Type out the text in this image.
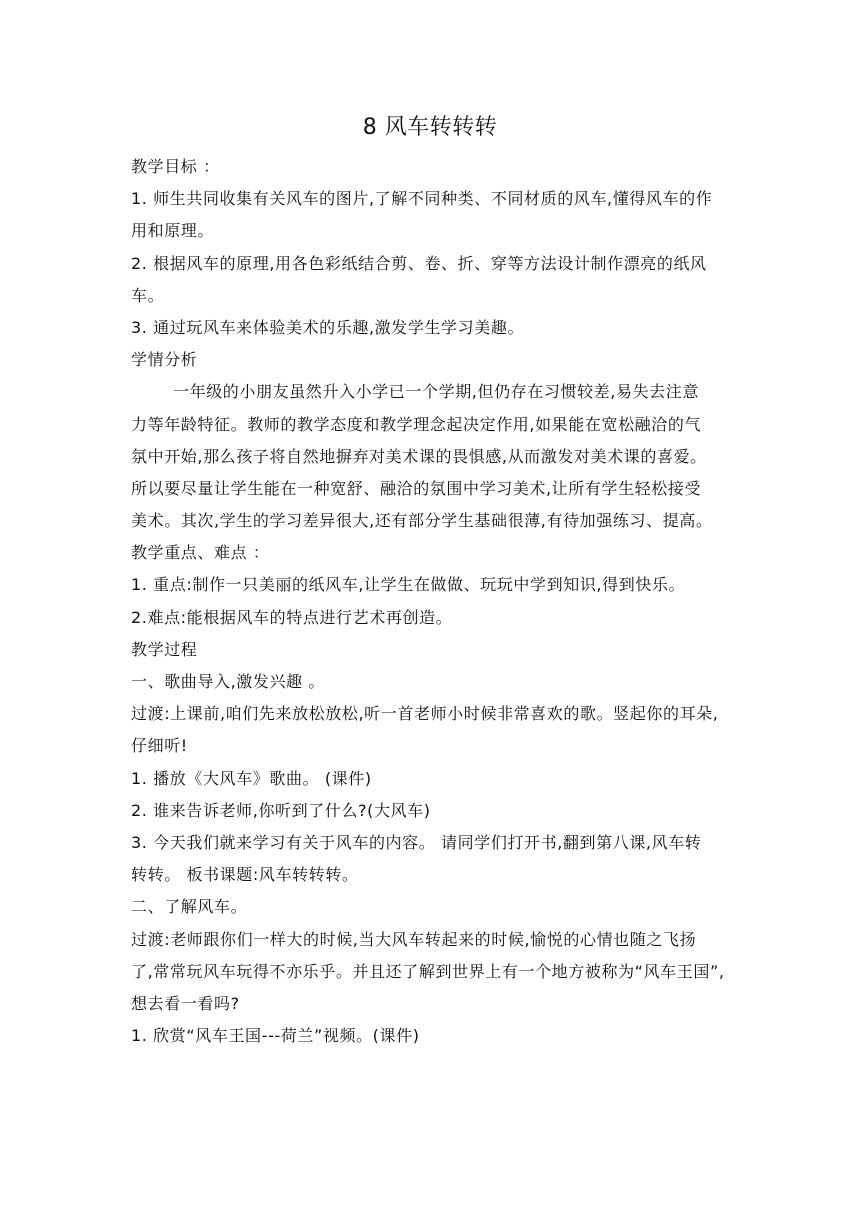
8 风车转转转
教学目标 ：
1. 师生共同收集有关风车的图片,了解不同种类、不同材质的风车,懂得风车的作
用和原理。
2. 根据风车的原理,用各色彩纸结合剪、卷、折、穿等方法设计制作漂亮的纸风
车。
3. 通过玩风车来体验美术的乐趣,激发学生学习美趣。
学情分析
一年级的小朋友虽然升入小学已一个学期,但仍存在习惯较差,易失去注意
力等年龄特征。教师的教学态度和教学理念起决定作用,如果能在宽松融洽的气
氛中开始,那么孩子将自然地摒弃对美术课的畏惧感,从而激发对美术课的喜爱。
所以要尽量让学生能在一种宽舒、融洽的氛围中学习美术,让所有学生轻松接受
美术。其次,学生的学习差异很大,还有部分学生基础很薄,有待加强练习、提高。
教学重点、难点 ：
1. 重点:制作一只美丽的纸风车,让学生在做做、玩玩中学到知识,得到快乐。
2.难点:能根据风车的特点进行艺术再创造。
教学过程
一、歌曲导入,激发兴趣 。
过渡:上课前,咱们先来放松放松,听一首老师小时候非常喜欢的歌。竖起你的耳朵,
仔细听!
1. 播放《大风车》歌曲。 (课件)
2. 谁来告诉老师,你听到了什么?(大风车)
3. 今天我们就来学习有关于风车的内容。 请同学们打开书,翻到第八课,风车转
转转。 板书课题:风车转转转。
二、了解风车。
过渡:老师跟你们一样大的时候,当大风车转起来的时候,愉悦的心情也随之飞扬
了,常常玩风车玩得不亦乐乎。并且还了解到世界上有一个地方被称为“风车王国”,
想去看一看吗?
1. 欣赏“风车王国---荷兰”视频。(课件)
